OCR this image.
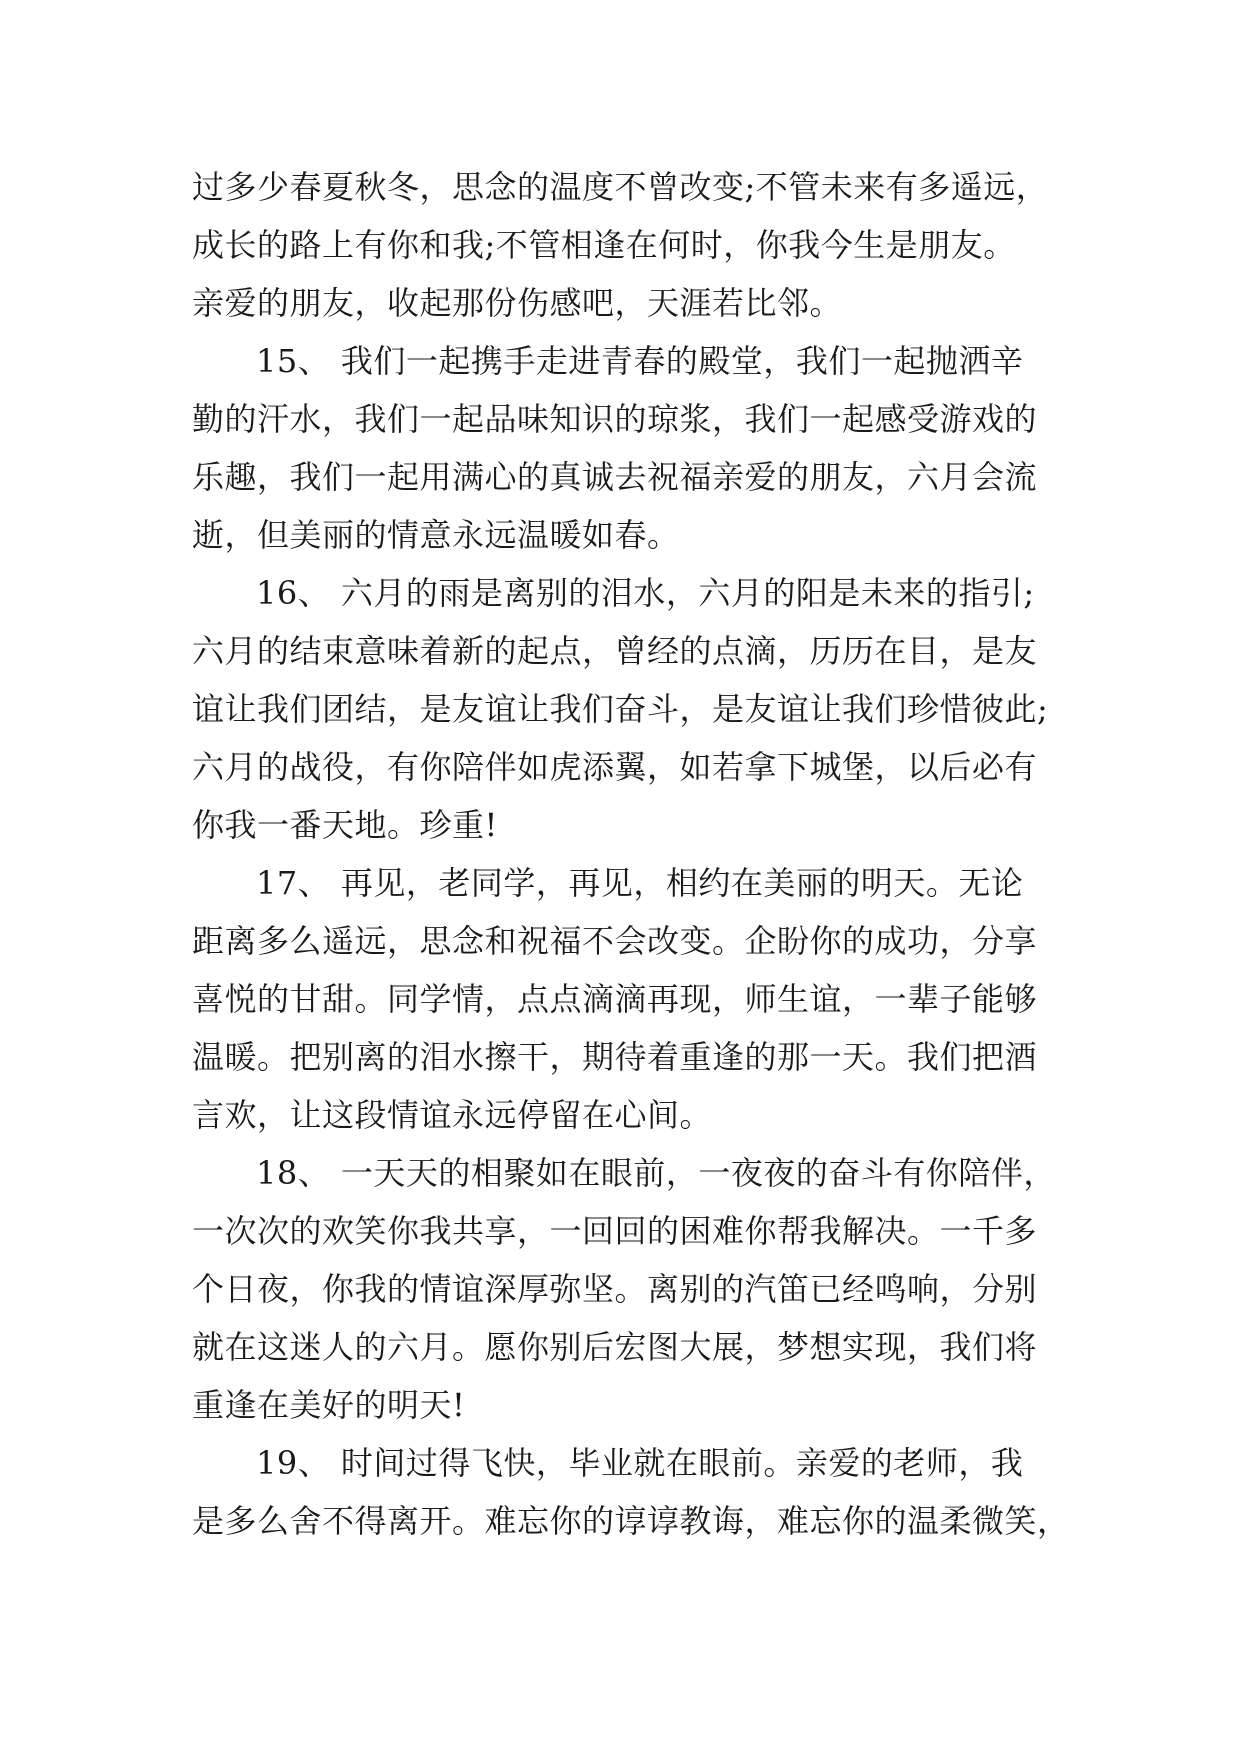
过多少春夏秋冬，思念的温度不曾改变;不管未来有多遥远，
成长的路上有你和我;不管相逢在何时，你我今生是朋友。
亲爱的朋友，收起那份伤感吧，天涯若比邻。
15、 我们一起携手走进青春的殿堂，我们一起抛洒辛
勤的汗水，我们一起品味知识的琼浆，我们一起感受游戏的
乐趣，我们一起用满心的真诚去祝福亲爱的朋友，六月会流
逝，但美丽的情意永远温暖如春。
16、 六月的雨是离别的泪水，六月的阳是未来的指引;
六月的结束意味着新的起点，曾经的点滴，历历在目，是友
谊让我们团结，是友谊让我们奋斗，是友谊让我们珍惜彼此;
六月的战役，有你陪伴如虎添翼，如若拿下城堡，以后必有
你我一番天地。珍重!
17、 再见，老同学，再见，相约在美丽的明天。无论
距离多么遥远，思念和祝福不会改变。企盼你的成功，分享
喜悦的甘甜。同学情，点点滴滴再现，师生谊，一辈子能够
温暖。把别离的泪水擦干，期待着重逢的那一天。我们把酒
言欢，让这段情谊永远停留在心间。
18、 一天天的相聚如在眼前，一夜夜的奋斗有你陪伴，
一次次的欢笑你我共享，一回回的困难你帮我解决。一千多
个日夜，你我的情谊深厚弥坚。离别的汽笛已经鸣响，分别
就在这迷人的六月。愿你别后宏图大展，梦想实现，我们将
重逢在美好的明天!
19、 时间过得飞快，毕业就在眼前。亲爱的老师，我
是多么舍不得离开。难忘你的谆谆教诲，难忘你的温柔微笑，
